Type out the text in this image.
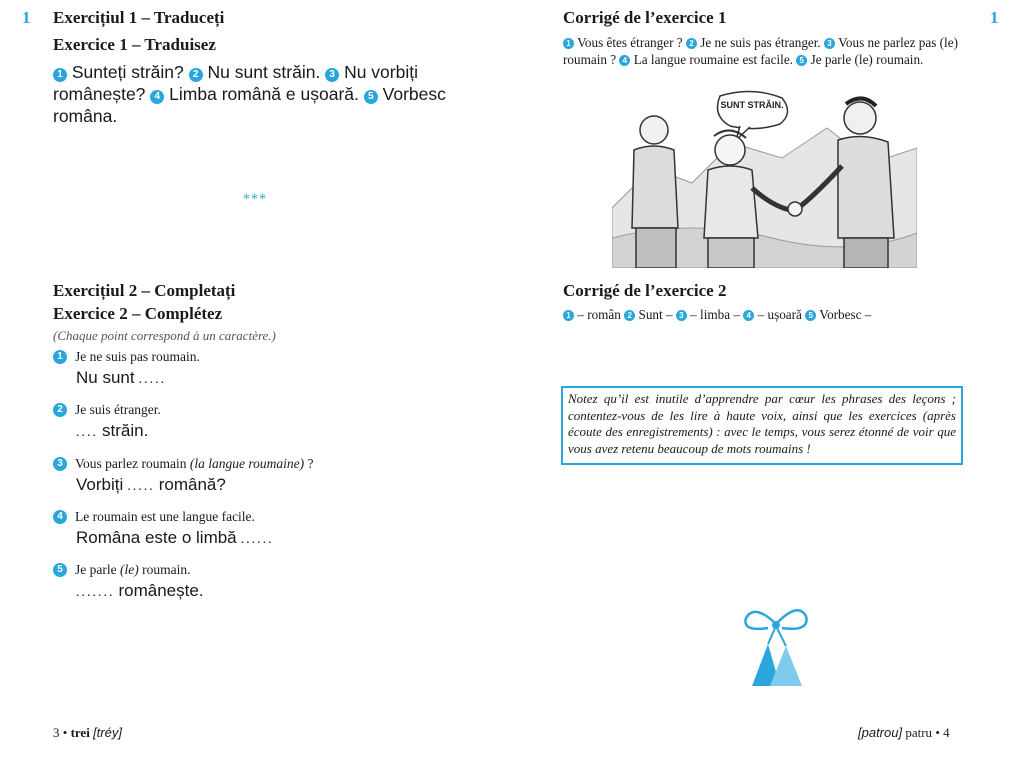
1 Exercițiul 1 – Traduceți
Exercice 1 – Traduisez
1 Sunteți străin? 2 Nu sunt străin. 3 Nu vorbiți românește? 4 Limba română e ușoară. 5 Vorbesc româna.
***
Exercițiul 2 – Completați
Exercice 2 – Complétez
(Chaque point correspond à un caractère.)
1 Je ne suis pas roumain.
Nu sunt .....
2 Je suis étranger.
.... străin.
3 Vous parlez roumain (la langue roumaine) ?
Vorbiți ..... română?
4 Le roumain est une langue facile.
Româna este o limbă ......
5 Je parle (le) roumain.
....... românește.
3 • trei [tréy]
1
Corrigé de l’exercice 1
1 Vous êtes étranger ? 2 Je ne suis pas étranger. 3 Vous ne parlez pas (le) roumain ? 4 La langue roumaine est facile. 5 Je parle (le) roumain.
SUNT STRĂIN.
Corrigé de l’exercice 2
1 – român 2 Sunt – 3 – limba – 4 – ușoară 5 Vorbesc –
Notez qu’il est inutile d’apprendre par cœur les phrases des leçons ; contentez-vous de les lire à haute voix, ainsi que les exercices (après écoute des enregistrements) : avec le temps, vous serez étonné de voir que vous avez retenu beaucoup de mots roumains !
[patrou] patru • 4
